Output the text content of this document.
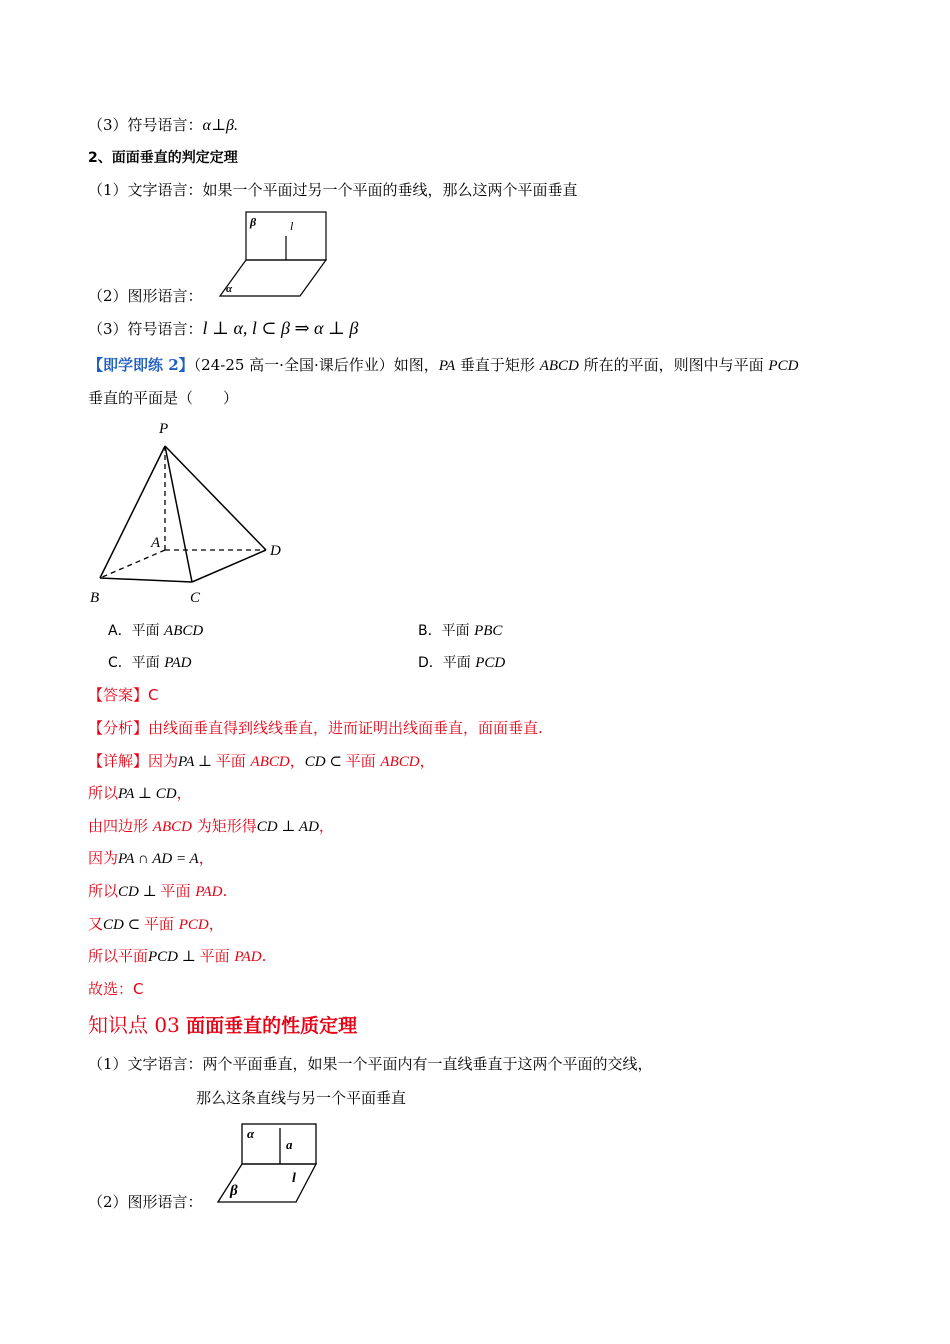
（3）符号语言：α⊥β.
2、面面垂直的判定定理
（1）文字语言：如果一个平面过另一个平面的垂线，那么这两个平面垂直
β	l
α
（2）图形语言：
（3）符号语言：l ⊥ α, l ⊂ β ⇒ α ⊥ β
【即学即练 2】（24-25 高一·全国·课后作业）如图，PA 垂直于矩形 ABCD 所在的平面，则图中与平面 PCD
垂直的平面是（　　）
P
A	D
B	C
A．平面 ABCD	B．平面 PBC
C．平面 PAD	D．平面 PCD
【答案】C
【分析】由线面垂直得到线线垂直，进而证明出线面垂直，面面垂直.
【详解】因为PA ⊥ 平面 ABCD，CD ⊂ 平面 ABCD，
所以PA ⊥ CD，
由四边形 ABCD 为矩形得CD ⊥ AD，
因为PA ∩ AD = A，
所以CD ⊥ 平面 PAD.
又CD ⊂ 平面 PCD，
所以平面PCD ⊥ 平面 PAD.
故选：C
知识点 03 面面垂直的性质定理
（1）文字语言：两个平面垂直，如果一个平面内有一直线垂直于这两个平面的交线，
那么这条直线与另一个平面垂直
α
a
β
l
（2）图形语言：
